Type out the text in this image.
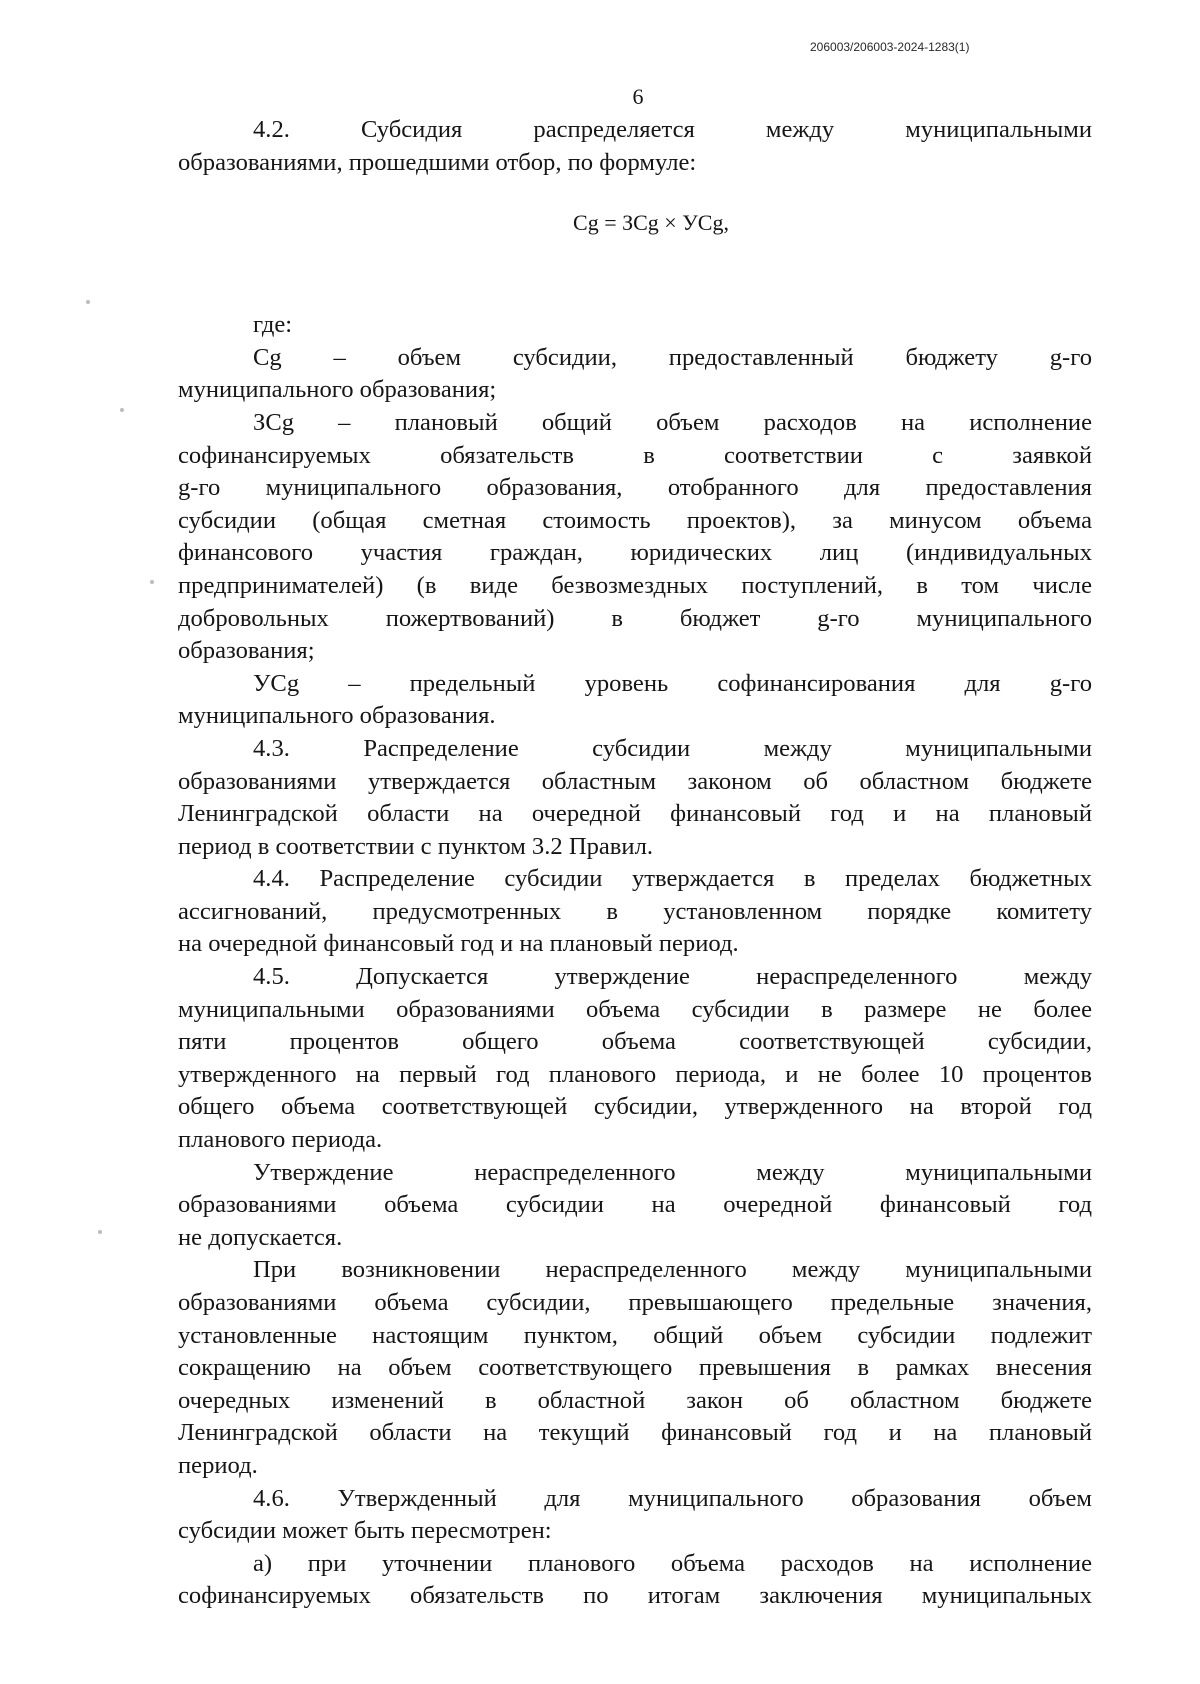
206003/206003-2024-1283(1)
6
Cg = ЗCg × УCg,

4.2. Субсидия распределяется между муниципальными

образованиями, прошедшими отбор, по формуле:

где:

Cg – объем субсидии, предоставленный бюджету g-го

муниципального образования;

ЗCg – плановый общий объем расходов на исполнение

софинансируемых обязательств в соответствии с заявкой

g-го муниципального образования, отобранного для предоставления

субсидии (общая сметная стоимость проектов), за минусом объема

финансового участия граждан, юридических лиц (индивидуальных

предпринимателей) (в виде безвозмездных поступлений, в том числе

добровольных пожертвований) в бюджет g-го муниципального

образования;

УCg – предельный уровень софинансирования для g-го

муниципального образования.

4.3. Распределение субсидии между муниципальными

образованиями утверждается областным законом об областном бюджете

Ленинградской области на очередной финансовый год и на плановый

период в соответствии с пунктом 3.2 Правил.

4.4. Распределение субсидии утверждается в пределах бюджетных

ассигнований, предусмотренных в установленном порядке комитету

на очередной финансовый год и на плановый период.

4.5. Допускается утверждение нераспределенного между

муниципальными образованиями объема субсидии в размере не более

пяти процентов общего объема соответствующей субсидии,

утвержденного на первый год планового периода, и не более 10 процентов

общего объема соответствующей субсидии, утвержденного на второй год

планового периода.

Утверждение нераспределенного между муниципальными

образованиями объема субсидии на очередной финансовый год

не допускается.

При возникновении нераспределенного между муниципальными

образованиями объема субсидии, превышающего предельные значения,

установленные настоящим пунктом, общий объем субсидии подлежит

сокращению на объем соответствующего превышения в рамках внесения

очередных изменений в областной закон об областном бюджете

Ленинградской области на текущий финансовый год и на плановый

период.

4.6. Утвержденный для муниципального образования объем

субсидии может быть пересмотрен:

а) при уточнении планового объема расходов на исполнение

софинансируемых обязательств по итогам заключения муниципальных
